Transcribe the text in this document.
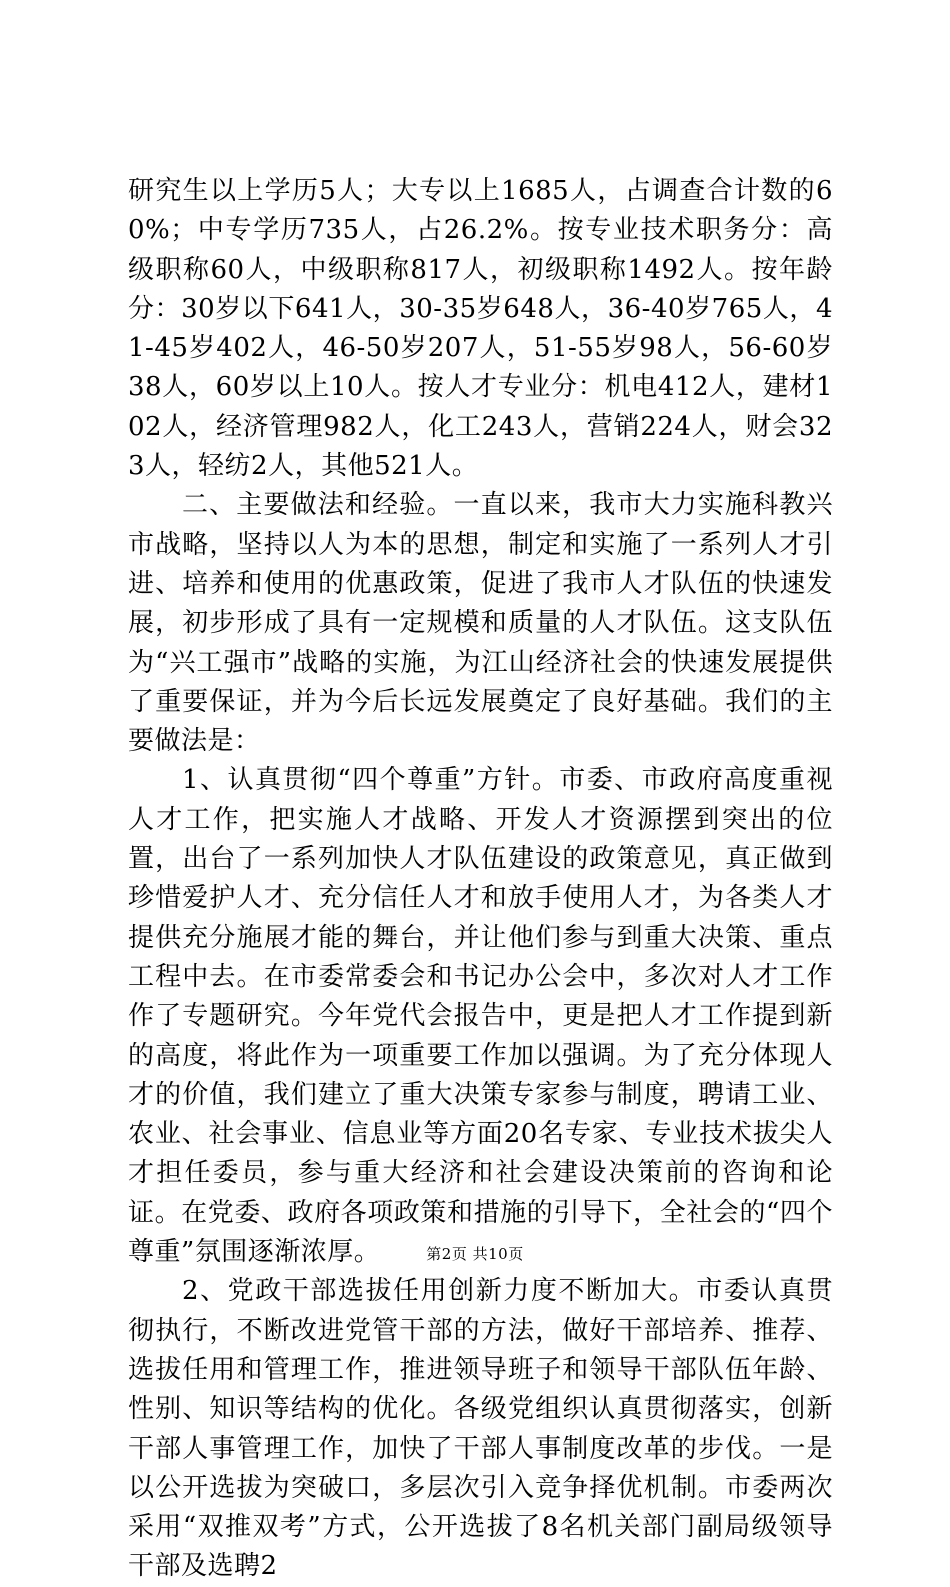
研究生以上学历5人；大专以上1685人，占调查合计数的60%；中专学历735人，占26.2%。按专业技术职务分：高级职称60人，中级职称817人，初级职称1492人。按年龄分：30岁以下641人，30-35岁648人，36-40岁765人，41-45岁402人，46-50岁207人，51-55岁98人，56-60岁38人，60岁以上10人。按人才专业分：机电412人，建材102人，经济管理982人，化工243人，营销224人，财会323人，轻纺2人，其他521人。

二、主要做法和经验。一直以来，我市大力实施科教兴市战略，坚持以人为本的思想，制定和实施了一系列人才引进、培养和使用的优惠政策，促进了我市人才队伍的快速发展，初步形成了具有一定规模和质量的人才队伍。这支队伍为“兴工强市”战略的实施，为江山经济社会的快速发展提供了重要保证，并为今后长远发展奠定了良好基础。我们的主要做法是：

1、认真贯彻“四个尊重”方针。市委、市政府高度重视人才工作，把实施人才战略、开发人才资源摆到突出的位置，出台了一系列加快人才队伍建设的政策意见，真正做到珍惜爱护人才、充分信任人才和放手使用人才，为各类人才提供充分施展才能的舞台，并让他们参与到重大决策、重点工程中去。在市委常委会和书记办公会中，多次对人才工作作了专题研究。今年党代会报告中，更是把人才工作提到新的高度，将此作为一项重要工作加以强调。为了充分体现人才的价值，我们建立了重大决策专家参与制度，聘请工业、农业、社会事业、信息业等方面20名专家、专业技术拔尖人才担任委员，参与重大经济和社会建设决策前的咨询和论证。在党委、政府各项政策和措施的引导下，全社会的“四个尊重”氛围逐渐浓厚。

2、党政干部选拔任用创新力度不断加大。市委认真贯彻执行，不断改进党管干部的方法，做好干部培养、推荐、选拔任用和管理工作，推进领导班子和领导干部队伍年龄、性别、知识等结构的优化。各级党组织认真贯彻落实，创新干部人事管理工作，加快了干部人事制度改革的步伐。一是以公开选拔为突破口，多层次引入竞争择优机制。市委两次采用“双推双考”方式，公开选拔了8名机关部门副局级领导干部及选聘2

第2页 共10页
